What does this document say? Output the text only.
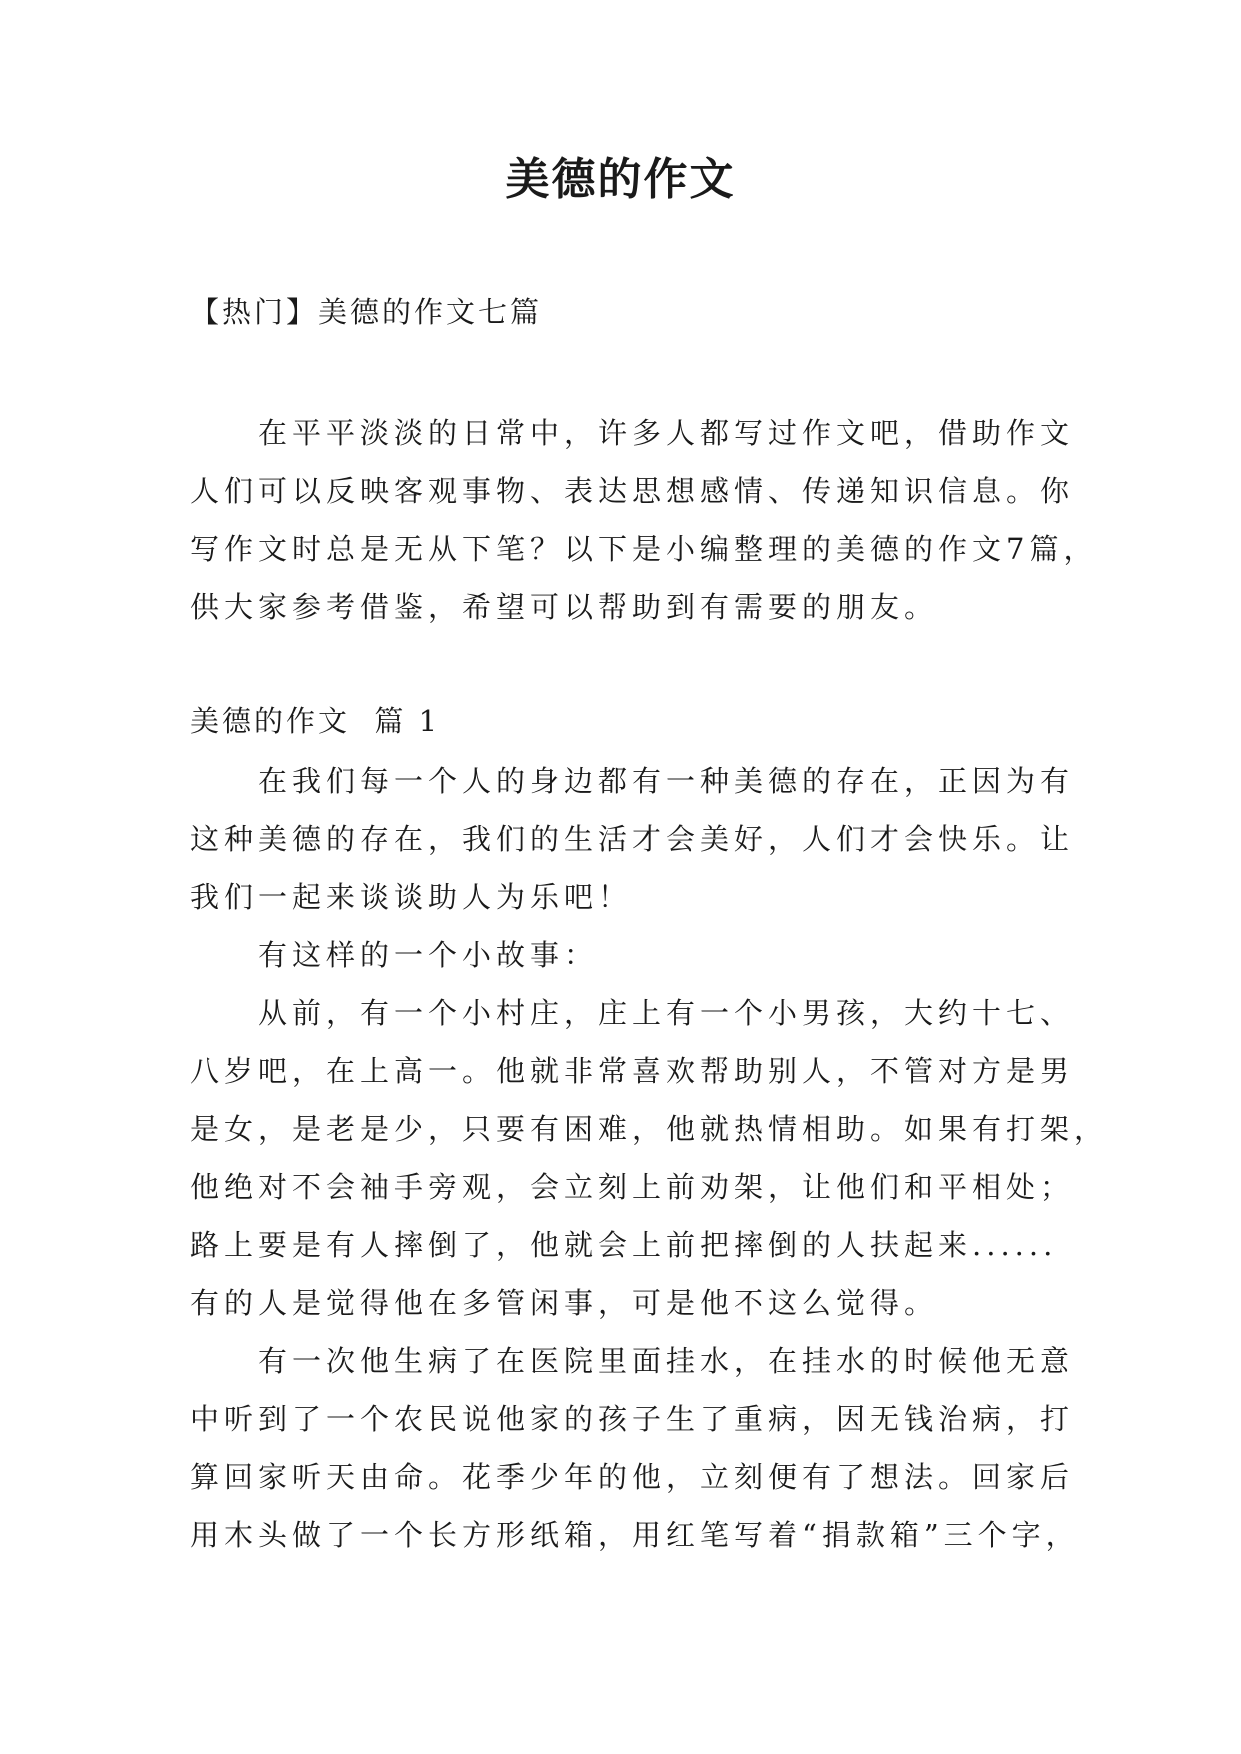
美德的作文

【热门】美德的作文七篇

在平平淡淡的日常中，许多人都写过作文吧，借助作文
人们可以反映客观事物、表达思想感情、传递知识信息。你
写作文时总是无从下笔？以下是小编整理的美德的作文7篇，
供大家参考借鉴，希望可以帮助到有需要的朋友。

美德的作文  篇 1

在我们每一个人的身边都有一种美德的存在，正因为有
这种美德的存在，我们的生活才会美好，人们才会快乐。让
我们一起来谈谈助人为乐吧！
有这样的一个小故事：
从前，有一个小村庄，庄上有一个小男孩，大约十七、
八岁吧，在上高一。他就非常喜欢帮助别人，不管对方是男
是女，是老是少，只要有困难，他就热情相助。如果有打架，
他绝对不会袖手旁观，会立刻上前劝架，让他们和平相处；
路上要是有人摔倒了，他就会上前把摔倒的人扶起来......
有的人是觉得他在多管闲事，可是他不这么觉得。
有一次他生病了在医院里面挂水，在挂水的时候他无意
中听到了一个农民说他家的孩子生了重病，因无钱治病，打
算回家听天由命。花季少年的他，立刻便有了想法。回家后
用木头做了一个长方形纸箱，用红笔写着“捐款箱”三个字，
